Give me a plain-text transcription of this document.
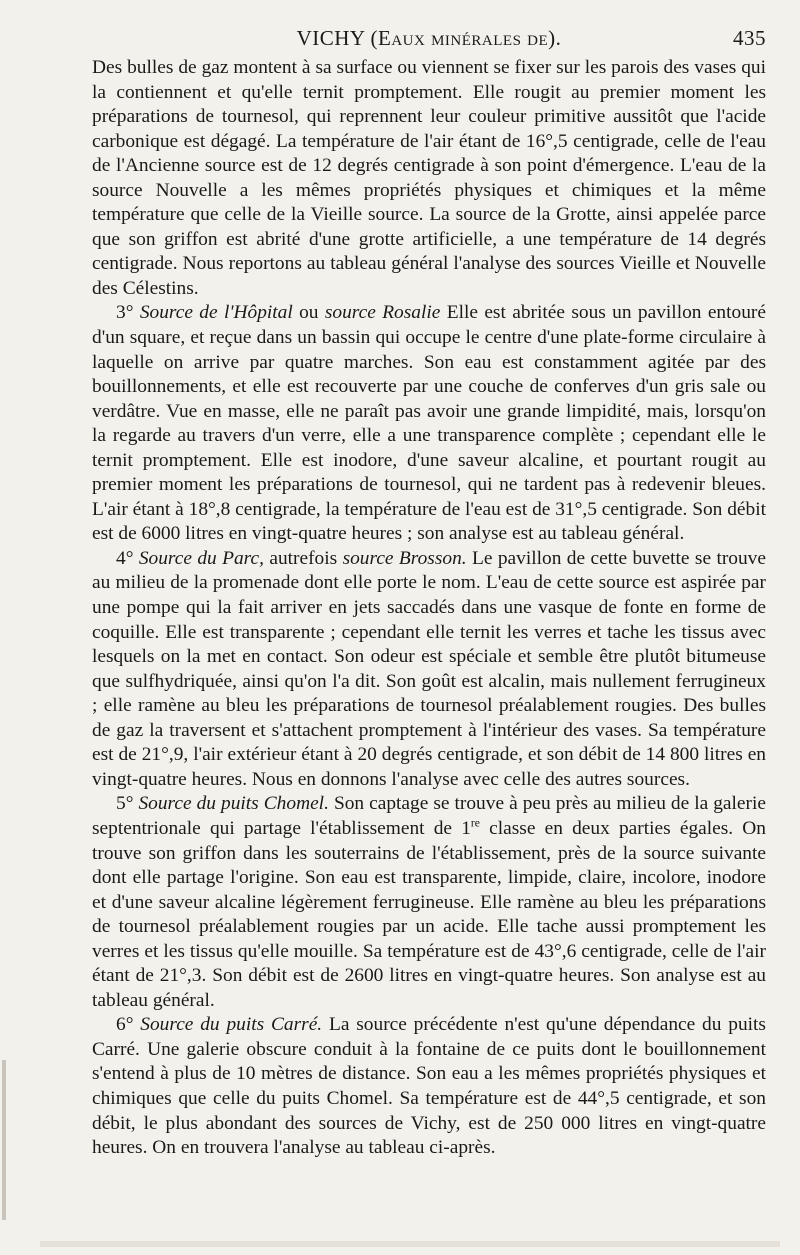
VICHY (Eaux minérales de).	435

Des bulles de gaz montent à sa surface ou viennent se fixer sur les parois des vases qui la contiennent et qu'elle ternit promptement. Elle rougit au premier moment les préparations de tournesol, qui reprennent leur couleur primitive aussitôt que l'acide carbonique est dégagé. La température de l'air étant de 16°,5 centigrade, celle de l'eau de l'Ancienne source est de 12 degrés centigrade à son point d'émergence. L'eau de la source Nouvelle a les mêmes propriétés physiques et chimiques et la même température que celle de la Vieille source. La source de la Grotte, ainsi appelée parce que son griffon est abrité d'une grotte artificielle, a une température de 14 degrés centigrade. Nous reportons au tableau général l'analyse des sources Vieille et Nouvelle des Célestins.

3° Source de l'Hôpital ou source Rosalie Elle est abritée sous un pavillon entouré d'un square, et reçue dans un bassin qui occupe le centre d'une plate-forme circulaire à laquelle on arrive par quatre marches. Son eau est constamment agitée par des bouillonnements, et elle est recouverte par une couche de conferves d'un gris sale ou verdâtre. Vue en masse, elle ne paraît pas avoir une grande limpidité, mais, lorsqu'on la regarde au travers d'un verre, elle a une transparence complète ; cependant elle le ternit promptement. Elle est inodore, d'une saveur alcaline, et pourtant rougit au premier moment les préparations de tournesol, qui ne tardent pas à redevenir bleues. L'air étant à 18°,8 centigrade, la température de l'eau est de 31°,5 centigrade. Son débit est de 6000 litres en vingt-quatre heures ; son analyse est au tableau général.

4° Source du Parc, autrefois source Brosson. Le pavillon de cette buvette se trouve au milieu de la promenade dont elle porte le nom. L'eau de cette source est aspirée par une pompe qui la fait arriver en jets saccadés dans une vasque de fonte en forme de coquille. Elle est transparente ; cependant elle ternit les verres et tache les tissus avec lesquels on la met en contact. Son odeur est spéciale et semble être plutôt bitumeuse que sulfhydriquée, ainsi qu'on l'a dit. Son goût est alcalin, mais nullement ferrugineux ; elle ramène au bleu les préparations de tournesol préalablement rougies. Des bulles de gaz la traversent et s'attachent promptement à l'intérieur des vases. Sa température est de 21°,9, l'air extérieur étant à 20 degrés centigrade, et son débit de 14 800 litres en vingt-quatre heures. Nous en donnons l'analyse avec celle des autres sources.

5° Source du puits Chomel. Son captage se trouve à peu près au milieu de la galerie septentrionale qui partage l'établissement de 1re classe en deux parties égales. On trouve son griffon dans les souterrains de l'établissement, près de la source suivante dont elle partage l'origine. Son eau est transparente, limpide, claire, incolore, inodore et d'une saveur alcaline légèrement ferrugineuse. Elle ramène au bleu les préparations de tournesol préalablement rougies par un acide. Elle tache aussi promptement les verres et les tissus qu'elle mouille. Sa température est de 43°,6 centigrade, celle de l'air étant de 21°,3. Son débit est de 2600 litres en vingt-quatre heures. Son analyse est au tableau général.

6° Source du puits Carré. La source précédente n'est qu'une dépendance du puits Carré. Une galerie obscure conduit à la fontaine de ce puits dont le bouillonnement s'entend à plus de 10 mètres de distance. Son eau a les mêmes propriétés physiques et chimiques que celle du puits Chomel. Sa température est de 44°,5 centigrade, et son débit, le plus abondant des sources de Vichy, est de 250 000 litres en vingt-quatre heures. On en trouvera l'analyse au tableau ci-après.
